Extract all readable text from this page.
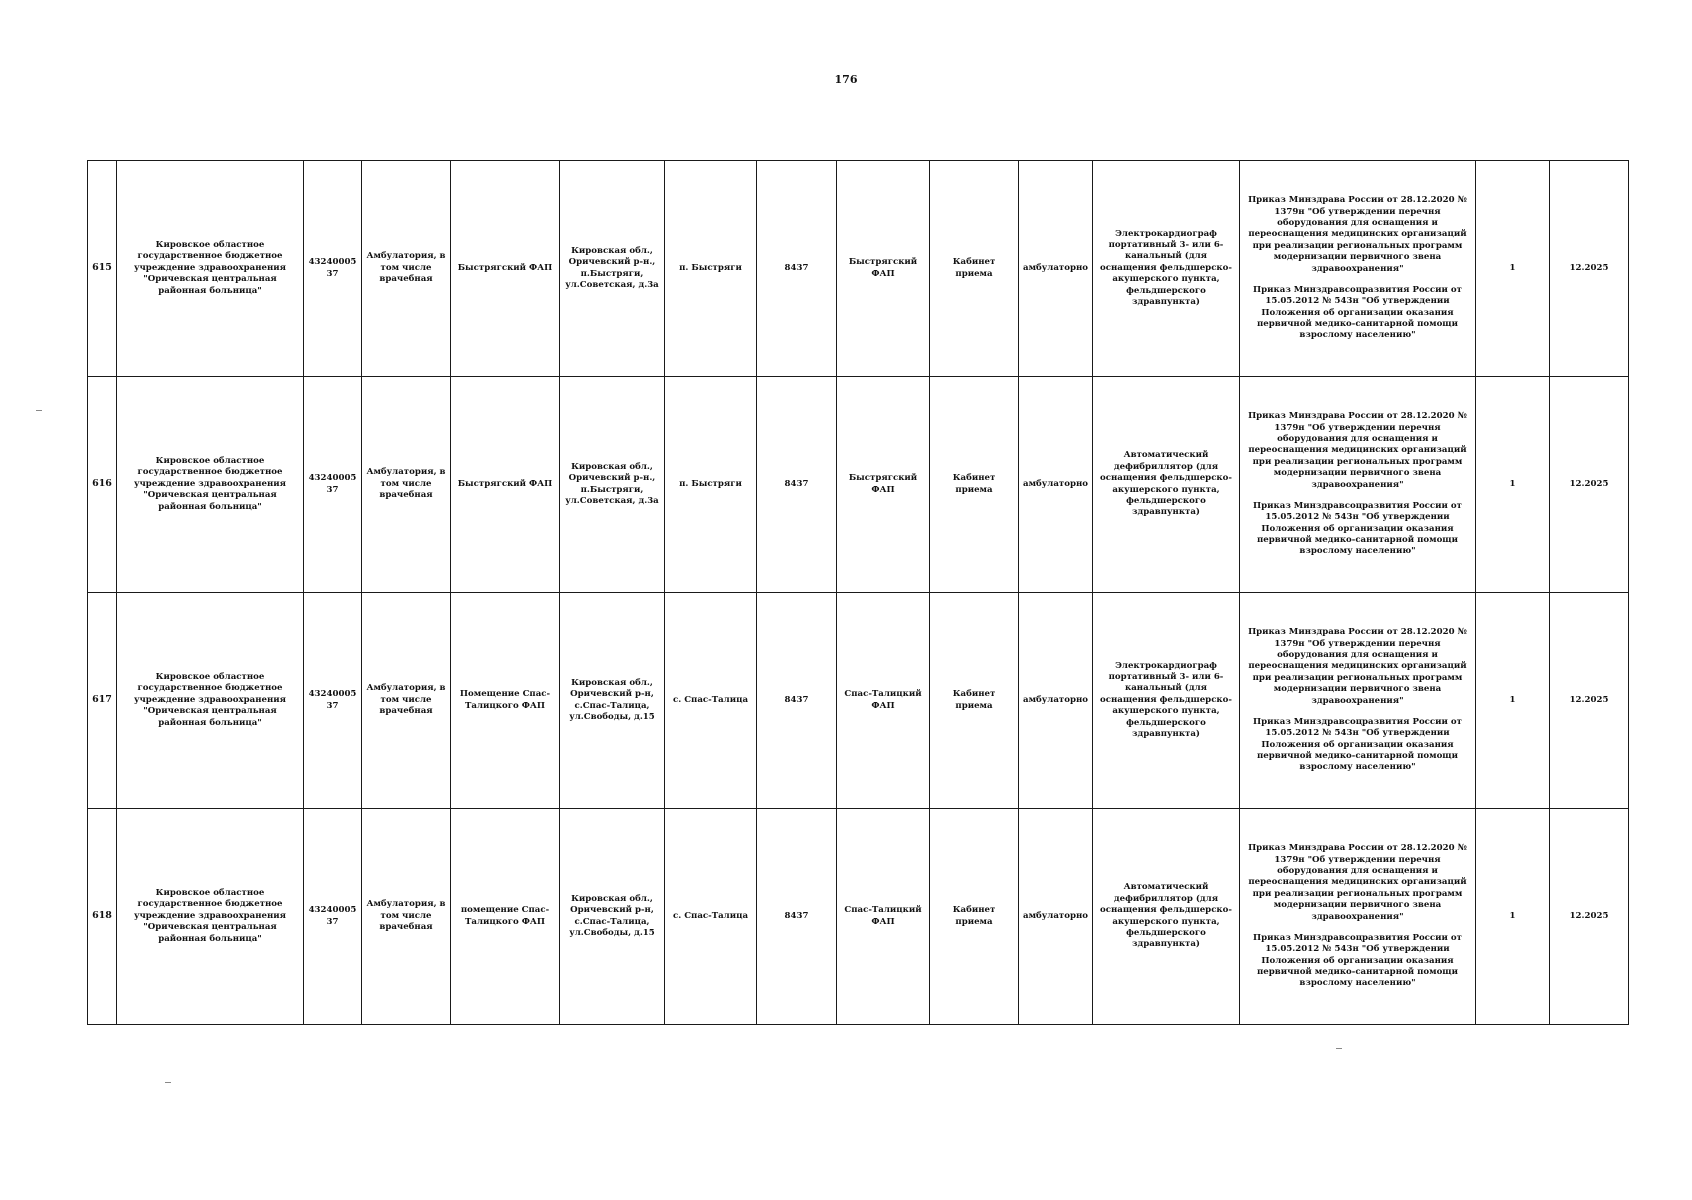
176
615	Кировское областное государственное бюджетное учреждение здравоохранения "Оричевская центральная районная больница"	4324000537	Амбулатория, в том числе врачебная	Быстрягский ФАП	Кировская обл., Оричевский р-н., п.Быстряги, ул.Советская, д.3а	п. Быстряги	8437	Быстрягский ФАП	Кабинет приема	амбулаторно	Электрокардиограф портативный 3- или 6-канальный (для оснащения фельдшерско-акушерского пункта, фельдшерского здравпункта)	Приказ Минздрава России от 28.12.2020 № 1379н "Об утверждении перечня оборудования для оснащения и переоснащения медицинских организаций при реализации региональных программ модернизации первичного звена здравоохранения"
Приказ Минздравсоцразвития России от 15.05.2012 № 543н "Об утверждении Положения об организации оказания первичной медико-санитарной помощи взрослому населению"	1	12.2025
616	Кировское областное государственное бюджетное учреждение здравоохранения "Оричевская центральная районная больница"	4324000537	Амбулатория, в том числе врачебная	Быстрягский ФАП	Кировская обл., Оричевский р-н., п.Быстряги, ул.Советская, д.3а	п. Быстряги	8437	Быстрягский ФАП	Кабинет приема	амбулаторно	Автоматический дефибриллятор (для оснащения фельдшерско-акушерского пункта, фельдшерского здравпункта)	Приказ Минздрава России от 28.12.2020 № 1379н "Об утверждении перечня оборудования для оснащения и переоснащения медицинских организаций при реализации региональных программ модернизации первичного звена здравоохранения"
Приказ Минздравсоцразвития России от 15.05.2012 № 543н "Об утверждении Положения об организации оказания первичной медико-санитарной помощи взрослому населению"	1	12.2025
617	Кировское областное государственное бюджетное учреждение здравоохранения "Оричевская центральная районная больница"	4324000537	Амбулатория, в том числе врачебная	Помещение Спас-Талицкого ФАП	Кировская обл., Оричевский р-н, с.Спас-Талица, ул.Свободы, д.15	с. Спас-Талица	8437	Спас-Талицкий ФАП	Кабинет приема	амбулаторно	Электрокардиограф портативный 3- или 6-канальный (для оснащения фельдшерско-акушерского пункта, фельдшерского здравпункта)	Приказ Минздрава России от 28.12.2020 № 1379н "Об утверждении перечня оборудования для оснащения и переоснащения медицинских организаций при реализации региональных программ модернизации первичного звена здравоохранения"
Приказ Минздравсоцразвития России от 15.05.2012 № 543н "Об утверждении Положения об организации оказания первичной медико-санитарной помощи взрослому населению"	1	12.2025
618	Кировское областное государственное бюджетное учреждение здравоохранения "Оричевская центральная районная больница"	4324000537	Амбулатория, в том числе врачебная	помещение Спас-Талицкого ФАП	Кировская обл., Оричевский р-н, с.Спас-Талица, ул.Свободы, д.15	с. Спас-Талица	8437	Спас-Талицкий ФАП	Кабинет приема	амбулаторно	Автоматический дефибриллятор (для оснащения фельдшерско-акушерского пункта, фельдшерского здравпункта)	Приказ Минздрава России от 28.12.2020 № 1379н "Об утверждении перечня оборудования для оснащения и переоснащения медицинских организаций при реализации региональных программ модернизации первичного звена здравоохранения"
Приказ Минздравсоцразвития России от 15.05.2012 № 543н "Об утверждении Положения об организации оказания первичной медико-санитарной помощи взрослому населению"	1	12.2025
